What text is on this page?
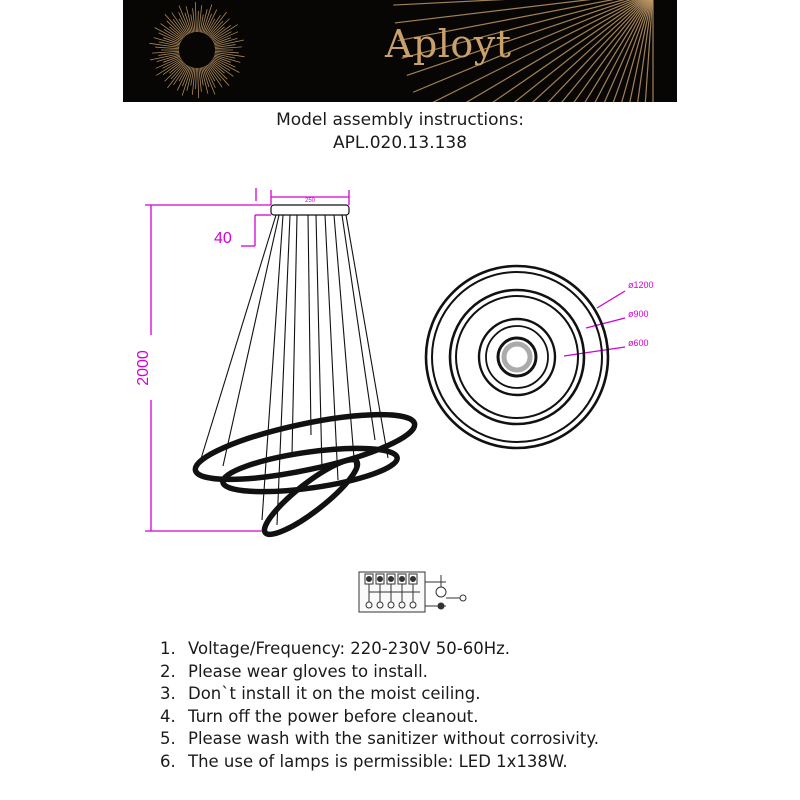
Aployt
Model assembly instructions:
APL.020.13.138
2000
250
40
ø1200
ø900
ø600
1. Voltage/Frequency: 220-230V 50-60Hz.
2. Please wear gloves to install.
3. Don`t install it on the moist ceiling.
4. Turn off the power before cleanout.
5. Please wash with the sanitizer without corrosivity.
6. The use of lamps is permissible: LED 1x138W.
